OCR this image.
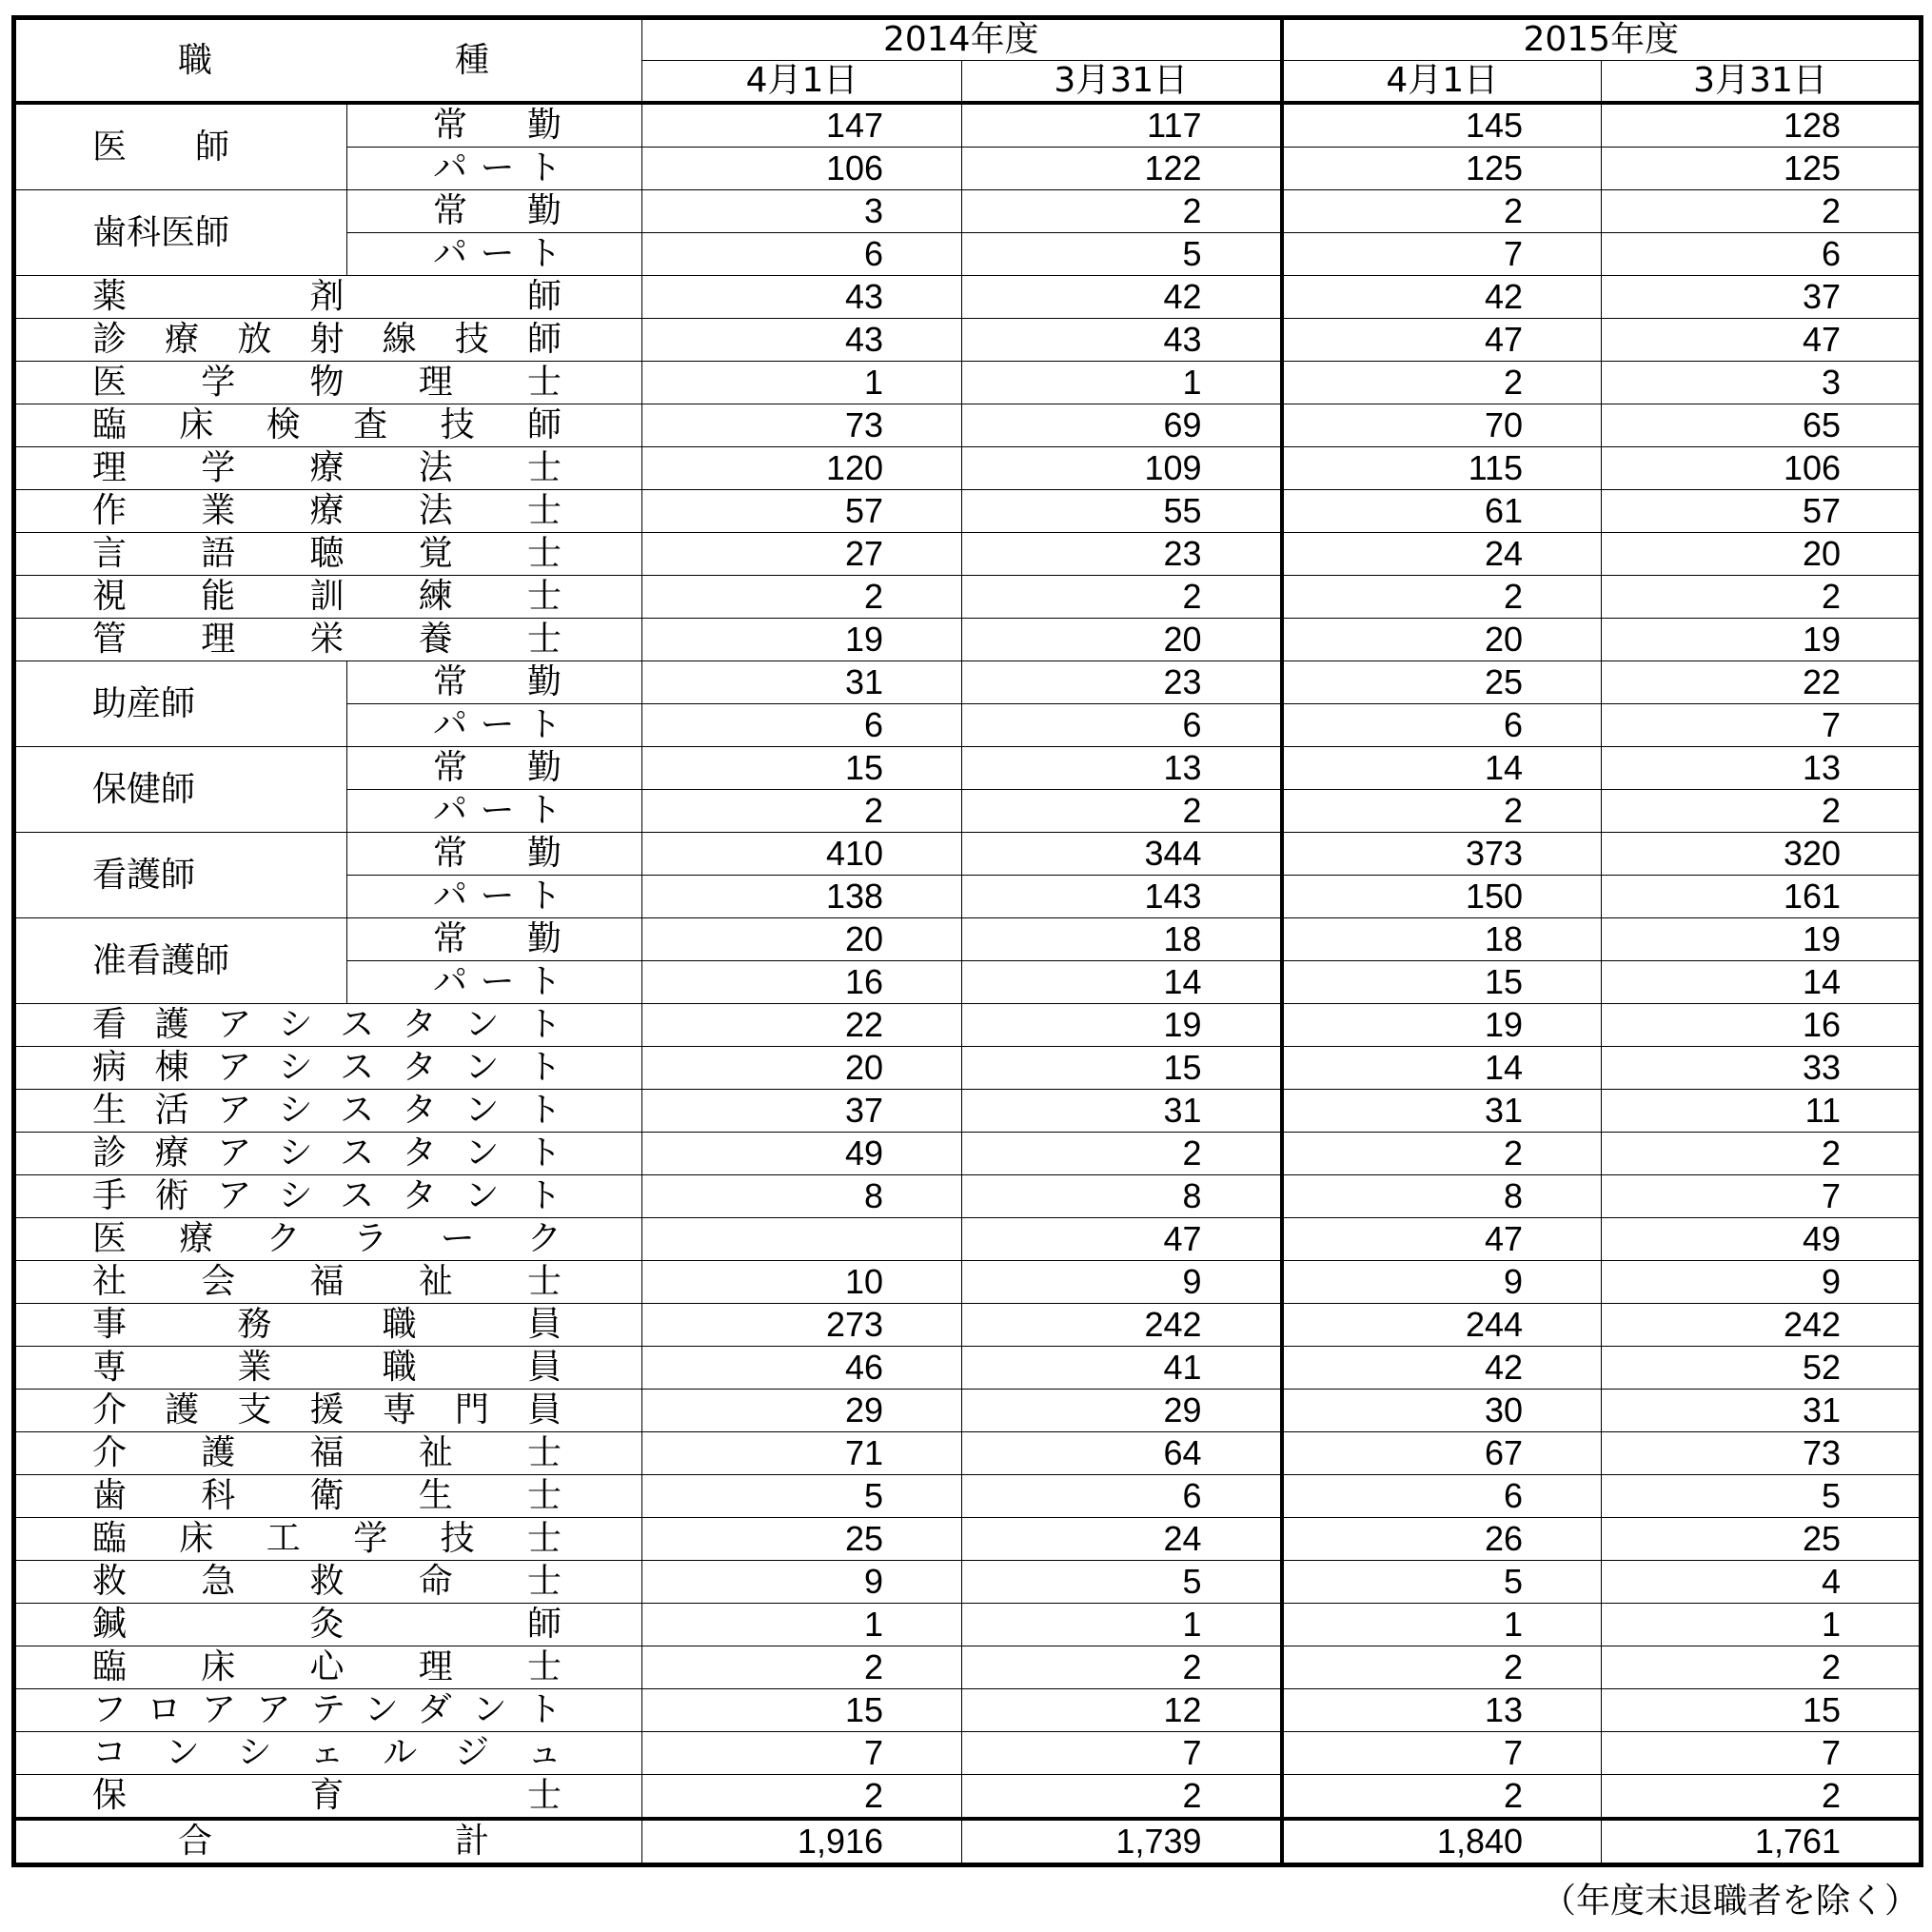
職　種		2014年度		2015年度	
		4月1日	3月31日	4月1日	3月31日
医　　師	常勤	147	117	145	128
	パート	106	122	125	125
歯科医師	常勤	3	2	2	2
	パート	6	5	7	6
薬剤師		43	42	42	37
診療放射線技師		43	43	47	47
医学物理士		1	1	2	3
臨床検査技師		73	69	70	65
理学療法士		120	109	115	106
作業療法士		57	55	61	57
言語聴覚士		27	23	24	20
視能訓練士		2	2	2	2
管理栄養士		19	20	20	19
助産師	常勤	31	23	25	22
	パート	6	6	6	7
保健師	常勤	15	13	14	13
	パート	2	2	2	2
看護師	常勤	410	344	373	320
	パート	138	143	150	161
准看護師	常勤	20	18	18	19
	パート	16	14	15	14
看護アシスタント		22	19	19	16
病棟アシスタント		20	15	14	33
生活アシスタント		37	31	31	11
診療アシスタント		49	2	2	2
手術アシスタント		8	8	8	7
医療クラーク			47	47	49
社会福祉士		10	9	9	9
事務職員		273	242	244	242
専業職員		46	41	42	52
介護支援専門員		29	29	30	31
介護福祉士		71	64	67	73
歯科衛生士		5	6	6	5
臨床工学技士		25	24	26	25
救急救命士		9	5	5	4
鍼灸師		1	1	1	1
臨床心理士		2	2	2	2
フロアアテンダント		15	12	13	15
コンシェルジュ		7	7	7	7
保育士		2	2	2	2
合　計		1,916	1,739	1,840	1,761
（年度末退職者を除く）
